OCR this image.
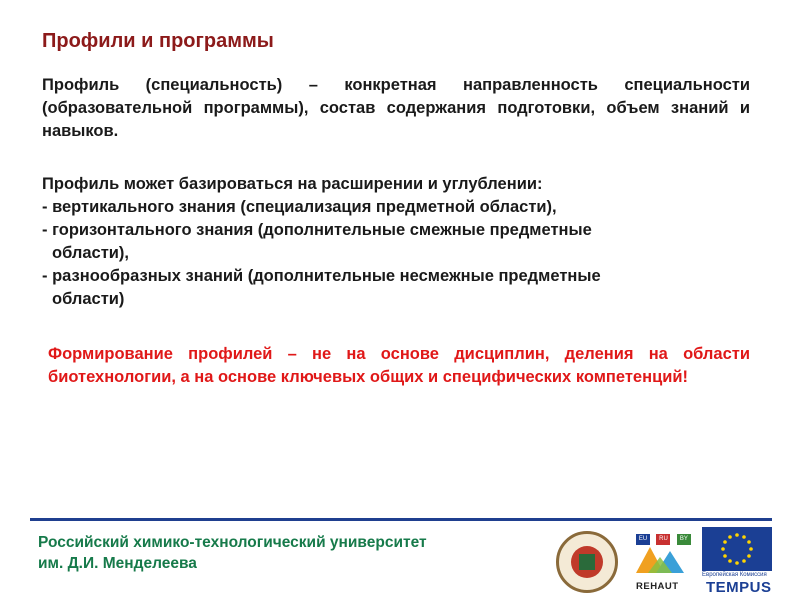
Профили и программы
Профиль (специальность) – конкретная направленность специальности (образовательной программы), состав содержания подготовки, объем знаний и навыков.
Профиль может базироваться на расширении и углублении:
- вертикального знания (специализация предметной области),
- горизонтального знания (дополнительные смежные предметные
области),
- разнообразных знаний (дополнительные несмежные предметные
области)
Формирование профилей – не на основе дисциплин, деления на области биотехнологии, а на основе ключевых общих и специфических компетенций!
Российский химико-технологический университет
им. Д.И. Менделеева
EU RU BY
REHAUT
Европейская Комиссия
TEMPUS
